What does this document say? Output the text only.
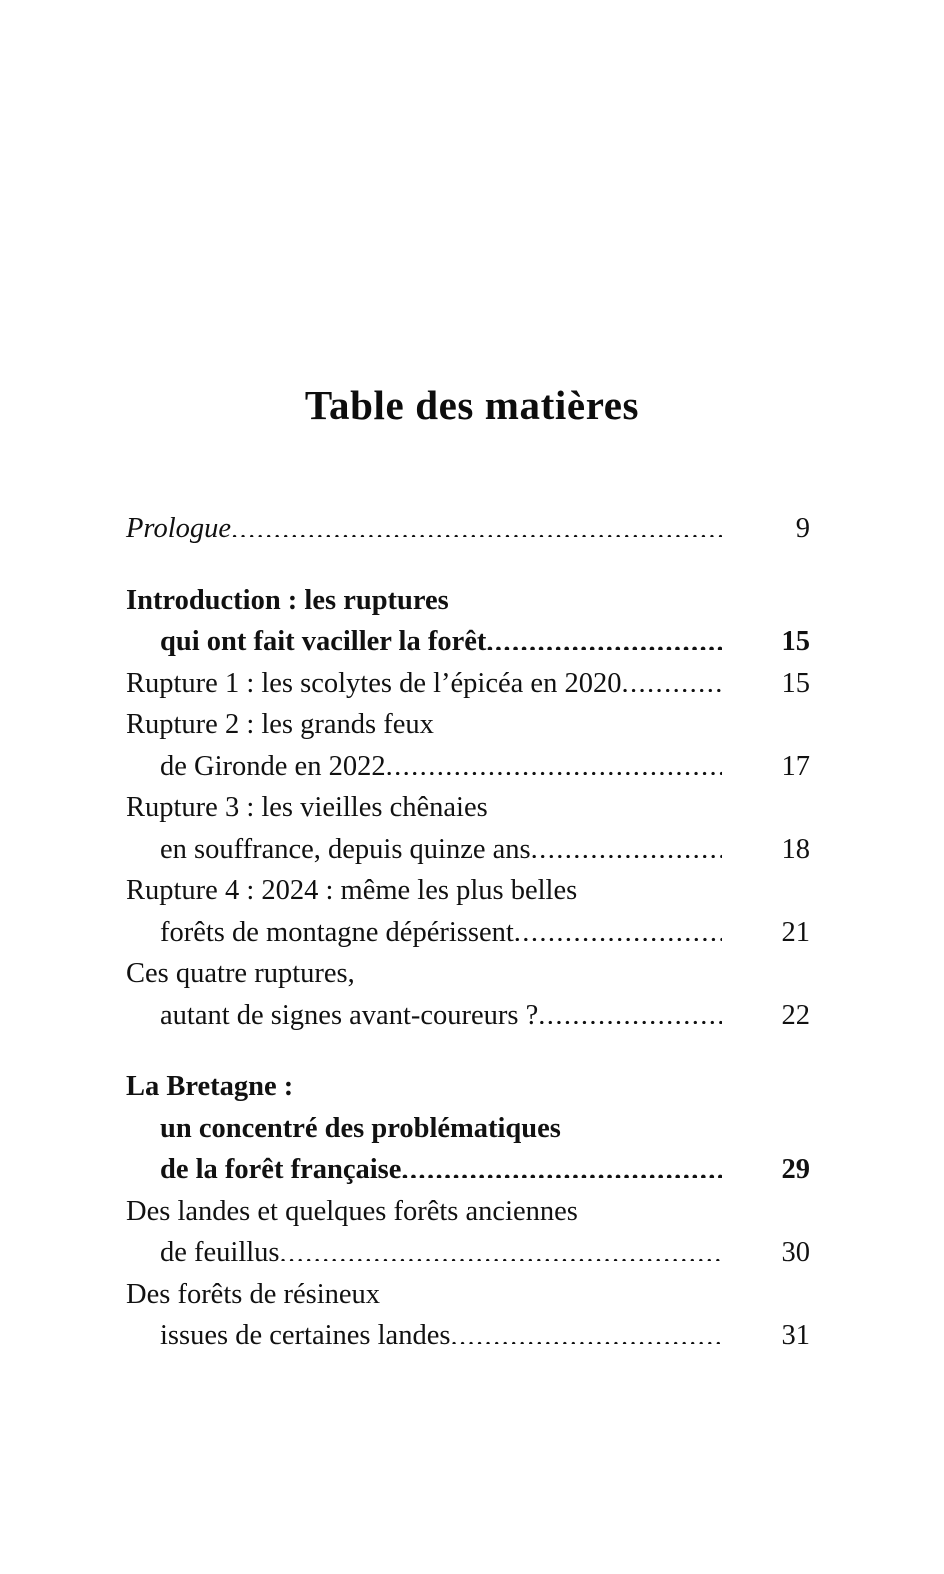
Table des matières
Prologue .....	9
Introduction : les ruptures
qui ont fait vaciller la forêt .....	15
Rupture 1 : les scolytes de l’épicéa en 2020 .....	15
Rupture 2 : les grands feux
de Gironde en 2022 .....	17
Rupture 3 : les vieilles chênaies
en souffrance, depuis quinze ans .....	18
Rupture 4 : 2024 : même les plus belles
forêts de montagne dépérissent .....	21
Ces quatre ruptures,
autant de signes avant-coureurs ? .....	22
La Bretagne :
un concentré des problématiques
de la forêt française .....	29
Des landes et quelques forêts anciennes
de feuillus .....	30
Des forêts de résineux
issues de certaines landes .....	31
